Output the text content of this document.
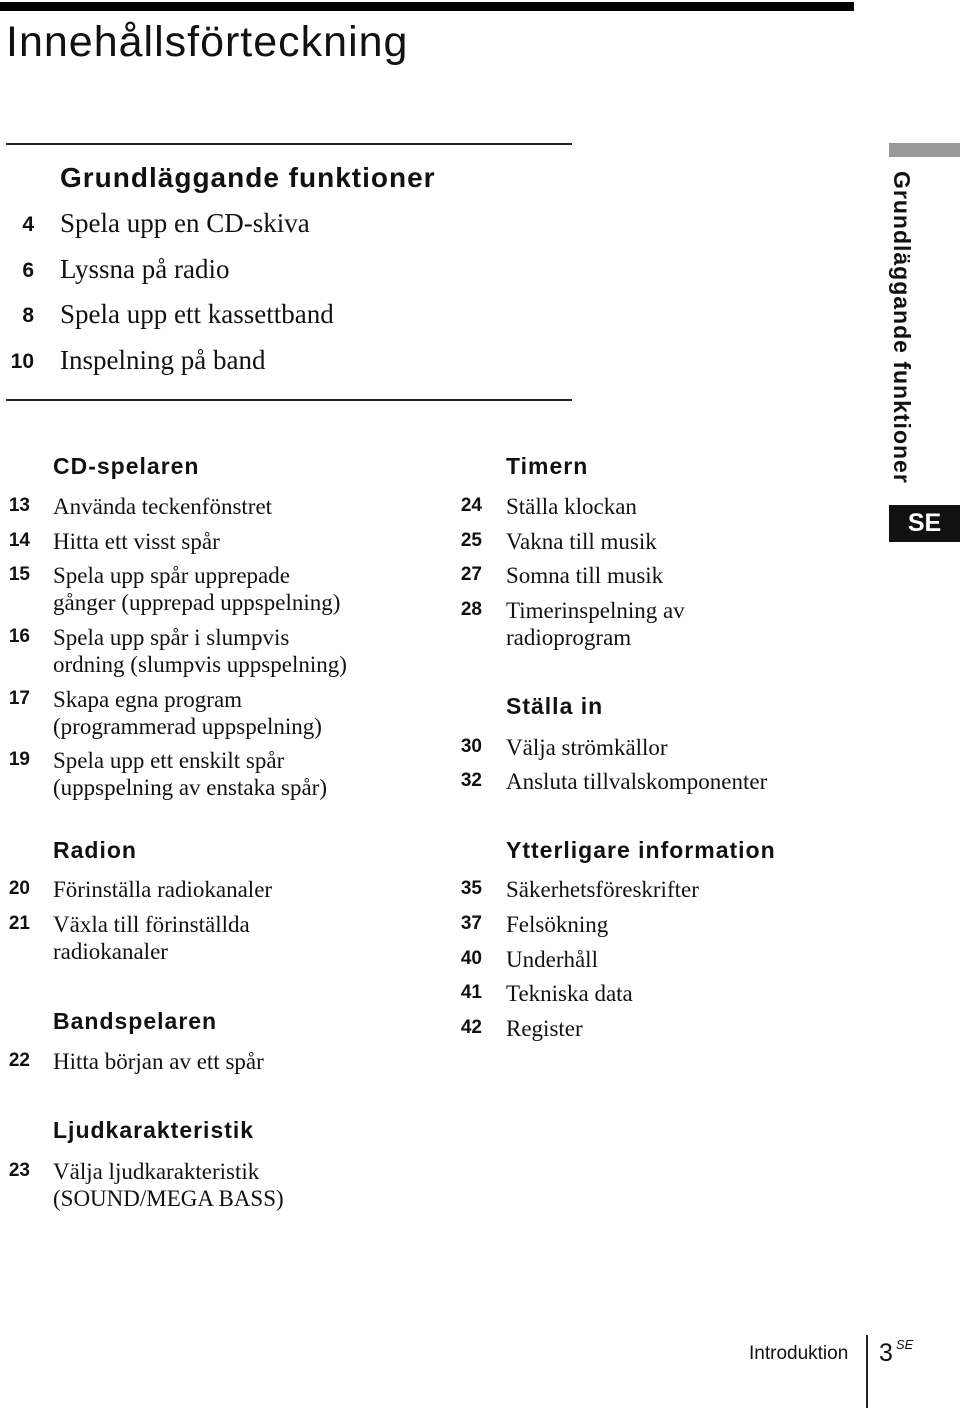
Innehållsförteckning
Grundläggande funktioner
4 Spela upp en CD-skiva
6 Lyssna på radio
8 Spela upp ett kassettband
10 Inspelning på band
CD-spelaren
13 Använda teckenfönstret
14 Hitta ett visst spår
15 Spela upp spår upprepade
gånger (upprepad uppspelning)
16 Spela upp spår i slumpvis
ordning (slumpvis uppspelning)
17 Skapa egna program
(programmerad uppspelning)
19 Spela upp ett enskilt spår
(uppspelning av enstaka spår)
Radion
20 Förinställa radiokanaler
21 Växla till förinställda
radiokanaler
Bandspelaren
22 Hitta början av ett spår
Ljudkarakteristik
23 Välja ljudkarakteristik
(SOUND/MEGA BASS)
Timern
24 Ställa klockan
25 Vakna till musik
27 Somna till musik
28 Timerinspelning av
radioprogram
Ställa in
30 Välja strömkällor
32 Ansluta tillvalskomponenter
Ytterligare information
35 Säkerhetsföreskrifter
37 Felsökning
40 Underhåll
41 Tekniska data
42 Register
Grundläggande funktioner
SE
Introduktion 3 SE
